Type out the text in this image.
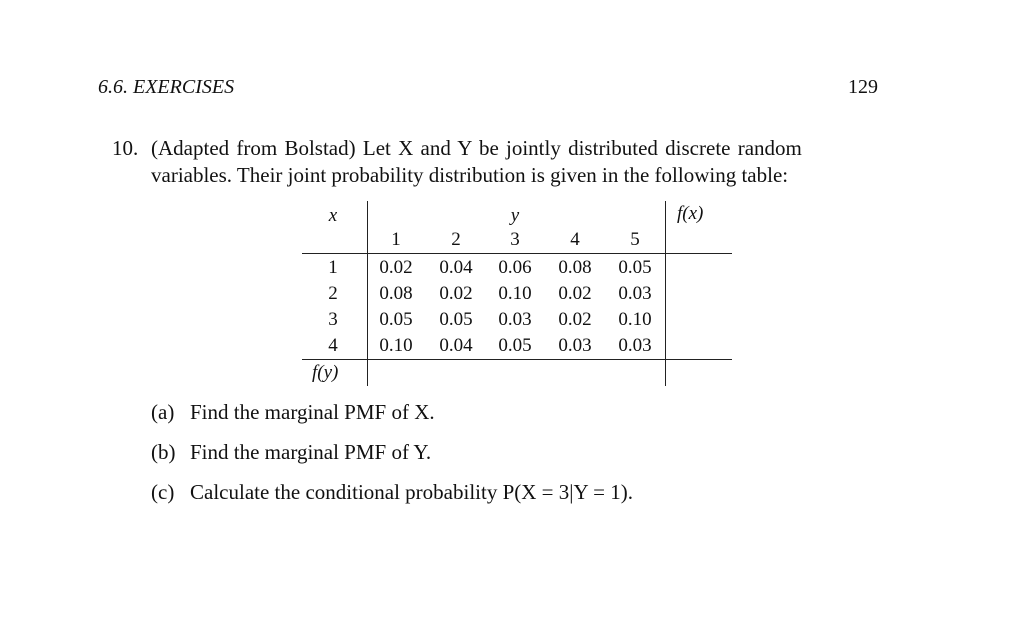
6.6. EXERCISES	129
10. (Adapted from Bolstad) Let X and Y be jointly distributed discrete random
variables. Their joint probability distribution is given in the following table:
x	y	f(x)
1	2	3	4	5
1 0.02 0.04 0.06 0.08 0.05
2 0.08 0.02 0.10 0.02 0.03
3 0.05 0.05 0.03 0.02 0.10
4 0.10 0.04 0.05 0.03 0.03
f(y)
(a) Find the marginal PMF of X.
(b) Find the marginal PMF of Y.
(c) Calculate the conditional probability P(X = 3|Y = 1).
